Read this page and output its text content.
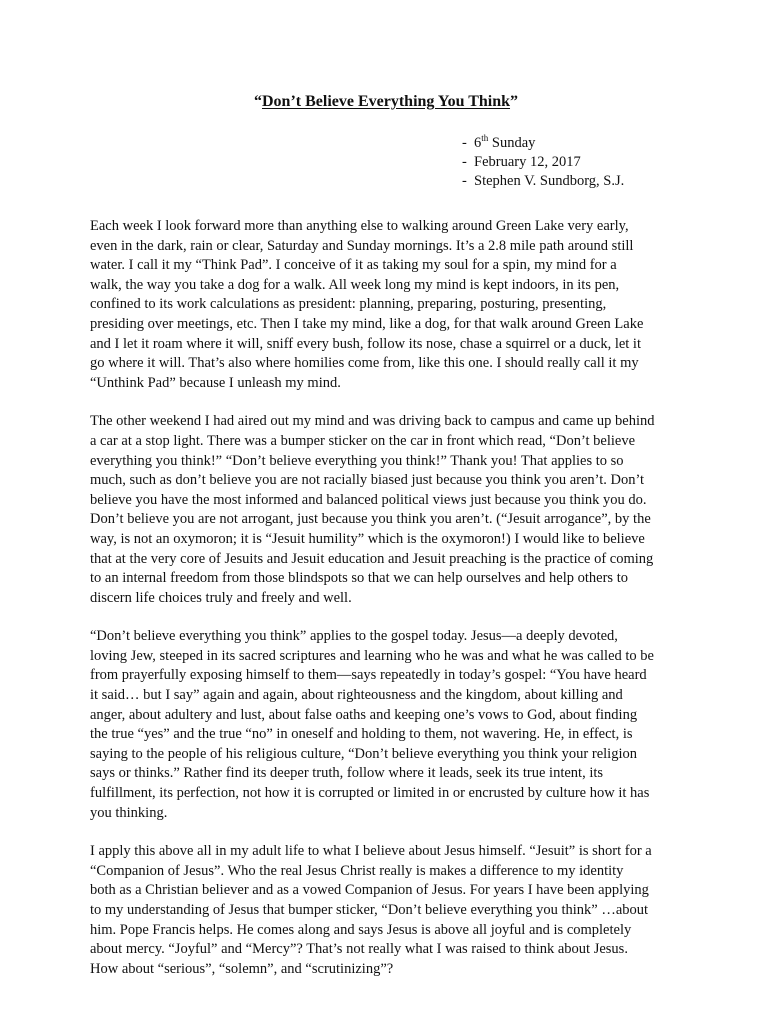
“Don’t Believe Everything You Think”
- 6th Sunday
- February 12, 2017
- Stephen V. Sundborg, S.J.

Each week I look forward more than anything else to walking around Green Lake very early,
even in the dark, rain or clear, Saturday and Sunday mornings. It’s a 2.8 mile path around still
water. I call it my “Think Pad”. I conceive of it as taking my soul for a spin, my mind for a
walk, the way you take a dog for a walk. All week long my mind is kept indoors, in its pen,
confined to its work calculations as president: planning, preparing, posturing, presenting,
presiding over meetings, etc. Then I take my mind, like a dog, for that walk around Green Lake
and I let it roam where it will, sniff every bush, follow its nose, chase a squirrel or a duck, let it
go where it will. That’s also where homilies come from, like this one. I should really call it my
“Unthink Pad” because I unleash my mind.

The other weekend I had aired out my mind and was driving back to campus and came up behind
a car at a stop light. There was a bumper sticker on the car in front which read, “Don’t believe
everything you think!” “Don’t believe everything you think!” Thank you! That applies to so
much, such as don’t believe you are not racially biased just because you think you aren’t. Don’t
believe you have the most informed and balanced political views just because you think you do.
Don’t believe you are not arrogant, just because you think you aren’t. (“Jesuit arrogance”, by the
way, is not an oxymoron; it is “Jesuit humility” which is the oxymoron!) I would like to believe
that at the very core of Jesuits and Jesuit education and Jesuit preaching is the practice of coming
to an internal freedom from those blindspots so that we can help ourselves and help others to
discern life choices truly and freely and well.

“Don’t believe everything you think” applies to the gospel today. Jesus—a deeply devoted,
loving Jew, steeped in its sacred scriptures and learning who he was and what he was called to be
from prayerfully exposing himself to them—says repeatedly in today’s gospel: “You have heard
it said… but I say” again and again, about righteousness and the kingdom, about killing and
anger, about adultery and lust, about false oaths and keeping one’s vows to God, about finding
the true “yes” and the true “no” in oneself and holding to them, not wavering. He, in effect, is
saying to the people of his religious culture, “Don’t believe everything you think your religion
says or thinks.” Rather find its deeper truth, follow where it leads, seek its true intent, its
fulfillment, its perfection, not how it is corrupted or limited in or encrusted by culture how it has
you thinking.

I apply this above all in my adult life to what I believe about Jesus himself. “Jesuit” is short for a
“Companion of Jesus”. Who the real Jesus Christ really is makes a difference to my identity
both as a Christian believer and as a vowed Companion of Jesus. For years I have been applying
to my understanding of Jesus that bumper sticker, “Don’t believe everything you think” …about
him. Pope Francis helps. He comes along and says Jesus is above all joyful and is completely
about mercy. “Joyful” and “Mercy”? That’s not really what I was raised to think about Jesus.
How about “serious”, “solemn”, and “scrutinizing”?
